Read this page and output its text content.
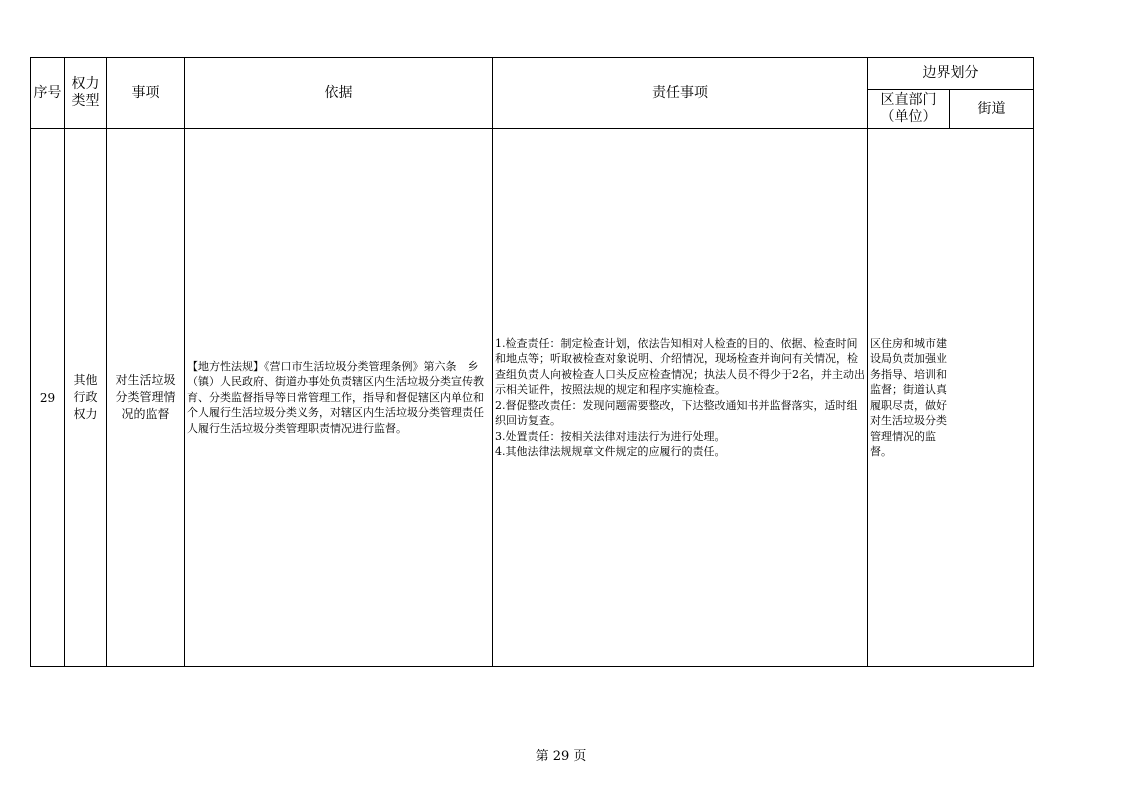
序号	权力类型	事项	依据	责任事项	边界划分	
					区直部门（单位）	街道
29	其他行政权力	对生活垃圾分类管理情况的监督	【地方性法规】《营口市生活垃圾分类管理条例》第六条　乡（镇）人民政府、街道办事处负责辖区内生活垃圾分类宣传教育、分类监督指导等日常管理工作，指导和督促辖区内单位和个人履行生活垃圾分类义务，对辖区内生活垃圾分类管理责任人履行生活垃圾分类管理职责情况进行监督。	1.检查责任：制定检查计划，依法告知相对人检查的目的、依据、检查时间和地点等；听取被检查对象说明、介绍情况，现场检查并询问有关情况，检查组负责人向被检查人口头反应检查情况；执法人员不得少于2名，并主动出示相关证件，按照法规的规定和程序实施检查。

2.督促整改责任：发现问题需要整改，下达整改通知书并监督落实，适时组织回访复查。

3.处置责任：按相关法律对违法行为进行处理。

4.其他法律法规规章文件规定的应履行的责任。	区住房和城市建设局负责加强业务指导、培训和监督；街道认真履职尽责，做好对生活垃圾分类管理情况的监督。	
第 29 页
